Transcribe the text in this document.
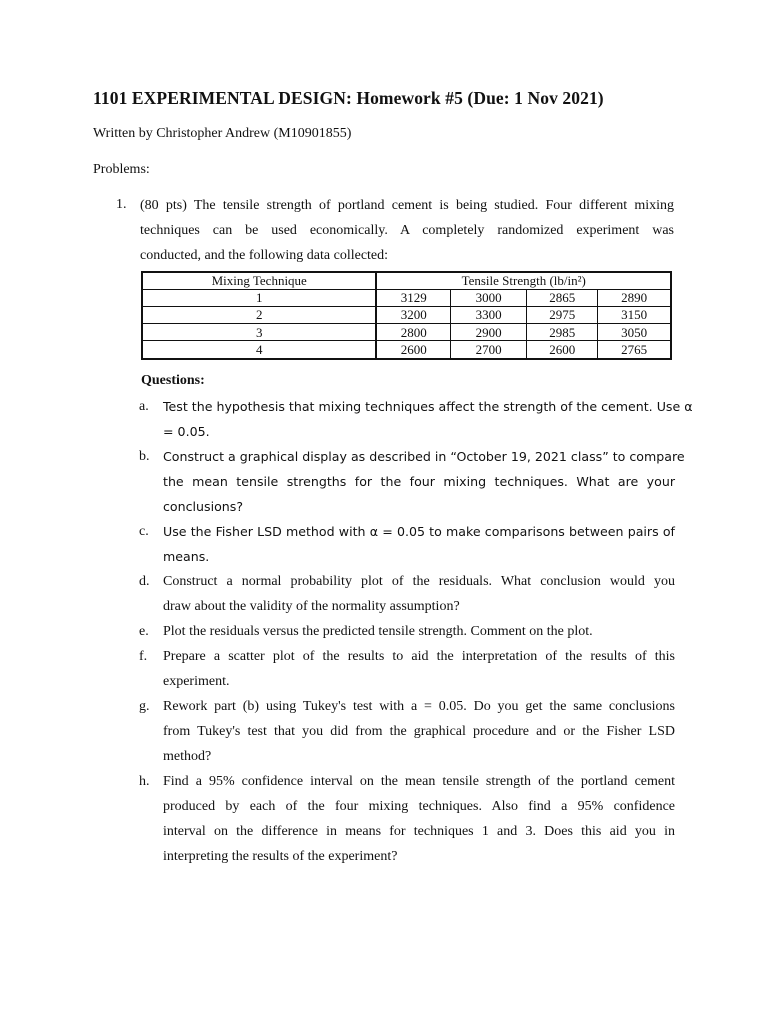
1101 EXPERIMENTAL DESIGN: Homework #5 (Due: 1 Nov 2021)
Written by Christopher Andrew (M10901855)
Problems:
1. (80 pts) The tensile strength of portland cement is being studied. Four different mixing
techniques can be used economically. A completely randomized experiment was
conducted, and the following data collected:
Mixing Technique	Tensile Strength (lb/in²)			
1	3129	3000	2865	2890
2	3200	3300	2975	3150
3	2800	2900	2985	3050
4	2600	2700	2600	2765
Questions:
a. Test the hypothesis that mixing techniques affect the strength of the cement. Use α
= 0.05.
b. Construct a graphical display as described in “October 19, 2021 class” to compare
the mean tensile strengths for the four mixing techniques. What are your
conclusions?
c. Use the Fisher LSD method with α = 0.05 to make comparisons between pairs of
means.
d. Construct a normal probability plot of the residuals. What conclusion would you
draw about the validity of the normality assumption?
e. Plot the residuals versus the predicted tensile strength. Comment on the plot.
f. Prepare a scatter plot of the results to aid the interpretation of the results of this
experiment.
g. Rework part (b) using Tukey's test with a = 0.05. Do you get the same conclusions
from Tukey's test that you did from the graphical procedure and or the Fisher LSD
method?
h. Find a 95% confidence interval on the mean tensile strength of the portland cement
produced by each of the four mixing techniques. Also find a 95% confidence
interval on the difference in means for techniques 1 and 3. Does this aid you in
interpreting the results of the experiment?
